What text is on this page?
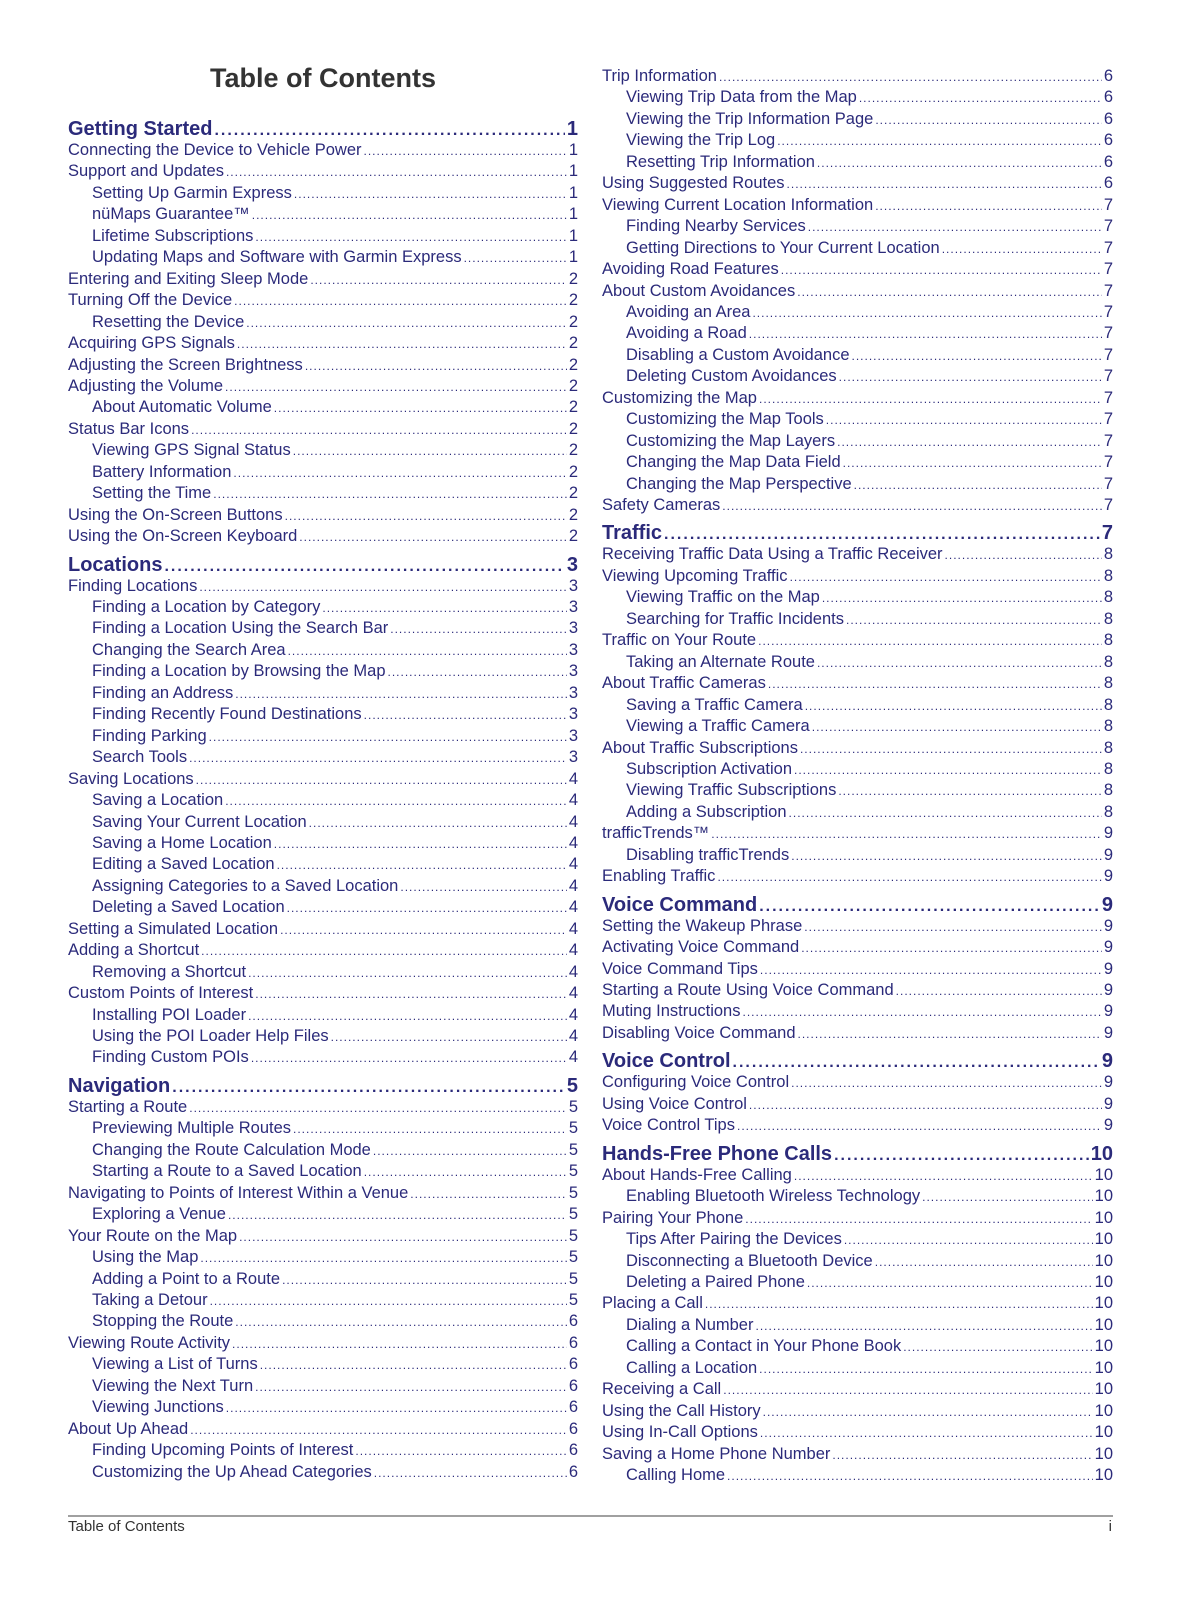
Table of Contents
Getting Started .....	1
Connecting the Device to Vehicle Power .....	1
Support and Updates .....	1
Setting Up Garmin Express .....	1
nüMaps Guarantee™ .....	1
Lifetime Subscriptions .....	1
Updating Maps and Software with Garmin Express .....	1
Entering and Exiting Sleep Mode .....	2
Turning Off the Device .....	2
Resetting the Device .....	2
Acquiring GPS Signals .....	2
Adjusting the Screen Brightness .....	2
Adjusting the Volume .....	2
About Automatic Volume .....	2
Status Bar Icons .....	2
Viewing GPS Signal Status .....	2
Battery Information .....	2
Setting the Time .....	2
Using the On-Screen Buttons .....	2
Using the On-Screen Keyboard .....	2
Locations .....	3
Finding Locations .....	3
Finding a Location by Category .....	3
Finding a Location Using the Search Bar .....	3
Changing the Search Area .....	3
Finding a Location by Browsing the Map .....	3
Finding an Address .....	3
Finding Recently Found Destinations .....	3
Finding Parking .....	3
Search Tools .....	3
Saving Locations .....	4
Saving a Location .....	4
Saving Your Current Location .....	4
Saving a Home Location .....	4
Editing a Saved Location .....	4
Assigning Categories to a Saved Location .....	4
Deleting a Saved Location .....	4
Setting a Simulated Location .....	4
Adding a Shortcut .....	4
Removing a Shortcut .....	4
Custom Points of Interest .....	4
Installing POI Loader .....	4
Using the POI Loader Help Files .....	4
Finding Custom POIs .....	4
Navigation .....	5
Starting a Route .....	5
Previewing Multiple Routes .....	5
Changing the Route Calculation Mode .....	5
Starting a Route to a Saved Location .....	5
Navigating to Points of Interest Within a Venue .....	5
Exploring a Venue .....	5
Your Route on the Map .....	5
Using the Map .....	5
Adding a Point to a Route .....	5
Taking a Detour .....	5
Stopping the Route .....	6
Viewing Route Activity .....	6
Viewing a List of Turns .....	6
Viewing the Next Turn .....	6
Viewing Junctions .....	6
About Up Ahead .....	6
Finding Upcoming Points of Interest .....	6
Customizing the Up Ahead Categories .....	6
Trip Information .....	6
Viewing Trip Data from the Map .....	6
Viewing the Trip Information Page .....	6
Viewing the Trip Log .....	6
Resetting Trip Information .....	6
Using Suggested Routes .....	6
Viewing Current Location Information .....	7
Finding Nearby Services .....	7
Getting Directions to Your Current Location .....	7
Avoiding Road Features .....	7
About Custom Avoidances .....	7
Avoiding an Area .....	7
Avoiding a Road .....	7
Disabling a Custom Avoidance .....	7
Deleting Custom Avoidances .....	7
Customizing the Map .....	7
Customizing the Map Tools .....	7
Customizing the Map Layers .....	7
Changing the Map Data Field .....	7
Changing the Map Perspective .....	7
Safety Cameras .....	7
Traffic .....	7
Receiving Traffic Data Using a Traffic Receiver .....	8
Viewing Upcoming Traffic .....	8
Viewing Traffic on the Map .....	8
Searching for Traffic Incidents .....	8
Traffic on Your Route .....	8
Taking an Alternate Route .....	8
About Traffic Cameras .....	8
Saving a Traffic Camera .....	8
Viewing a Traffic Camera .....	8
About Traffic Subscriptions .....	8
Subscription Activation .....	8
Viewing Traffic Subscriptions .....	8
Adding a Subscription .....	8
trafficTrends™ .....	9
Disabling trafficTrends .....	9
Enabling Traffic .....	9
Voice Command .....	9
Setting the Wakeup Phrase .....	9
Activating Voice Command .....	9
Voice Command Tips .....	9
Starting a Route Using Voice Command .....	9
Muting Instructions .....	9
Disabling Voice Command .....	9
Voice Control .....	9
Configuring Voice Control .....	9
Using Voice Control .....	9
Voice Control Tips .....	9
Hands-Free Phone Calls .....	10
About Hands-Free Calling .....	10
Enabling Bluetooth Wireless Technology .....	10
Pairing Your Phone .....	10
Tips After Pairing the Devices .....	10
Disconnecting a Bluetooth Device .....	10
Deleting a Paired Phone .....	10
Placing a Call .....	10
Dialing a Number .....	10
Calling a Contact in Your Phone Book .....	10
Calling a Location .....	10
Receiving a Call .....	10
Using the Call History .....	10
Using In-Call Options .....	10
Saving a Home Phone Number .....	10
Calling Home .....	10
Table of Contents	i
